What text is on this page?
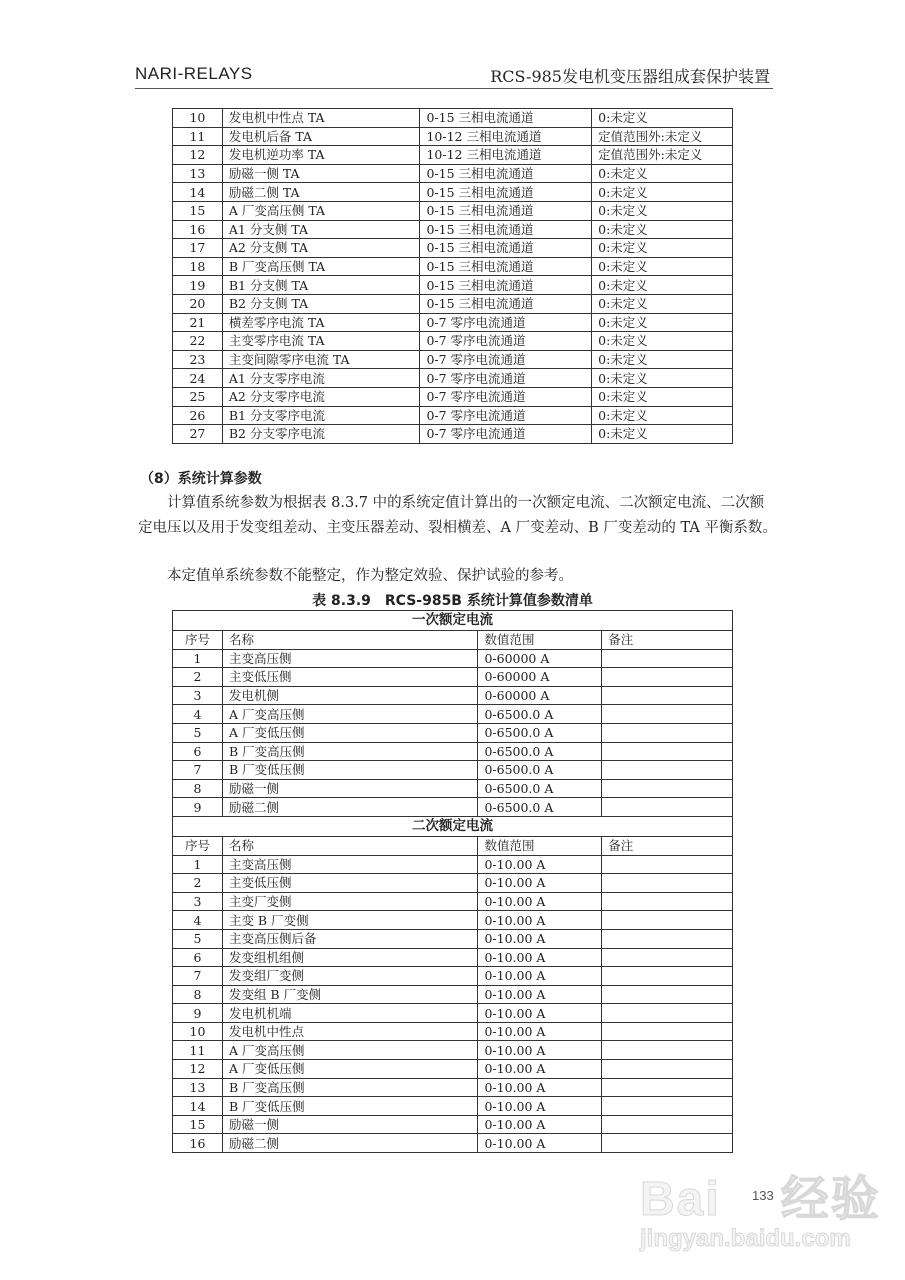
NARI-RELAYS	RCS-985发电机变压器组成套保护装置
10	发电机中性点 TA	0-15 三相电流通道	0:未定义
11	发电机后备 TA	10-12 三相电流通道	定值范围外:未定义
12	发电机逆功率 TA	10-12 三相电流通道	定值范围外:未定义
13	励磁一侧 TA	0-15 三相电流通道	0:未定义
14	励磁二侧 TA	0-15 三相电流通道	0:未定义
15	A 厂变高压侧 TA	0-15 三相电流通道	0:未定义
16	A1 分支侧 TA	0-15 三相电流通道	0:未定义
17	A2 分支侧 TA	0-15 三相电流通道	0:未定义
18	B 厂变高压侧 TA	0-15 三相电流通道	0:未定义
19	B1 分支侧 TA	0-15 三相电流通道	0:未定义
20	B2 分支侧 TA	0-15 三相电流通道	0:未定义
21	横差零序电流 TA	0-7 零序电流通道	0:未定义
22	主变零序电流 TA	0-7 零序电流通道	0:未定义
23	主变间隙零序电流 TA	0-7 零序电流通道	0:未定义
24	A1 分支零序电流	0-7 零序电流通道	0:未定义
25	A2 分支零序电流	0-7 零序电流通道	0:未定义
26	B1 分支零序电流	0-7 零序电流通道	0:未定义
27	B2 分支零序电流	0-7 零序电流通道	0:未定义
（8）系统计算参数
计算值系统参数为根据表 8.3.7 中的系统定值计算出的一次额定电流、二次额定电流、二次额定电压以及用于发变组差动、主变压器差动、裂相横差、A 厂变差动、B 厂变差动的 TA 平衡系数。
本定值单系统参数不能整定，作为整定效验、保护试验的参考。
表 8.3.9　RCS-985B 系统计算值参数清单
一次额定电流			
序号	名称	数值范围	备注
1	主变高压侧	0-60000 A	
2	主变低压侧	0-60000 A	
3	发电机侧	0-60000 A	
4	A 厂变高压侧	0-6500.0 A	
5	A 厂变低压侧	0-6500.0 A	
6	B 厂变高压侧	0-6500.0 A	
7	B 厂变低压侧	0-6500.0 A	
8	励磁一侧	0-6500.0 A	
9	励磁二侧	0-6500.0 A	
二次额定电流			
序号	名称	数值范围	备注
1	主变高压侧	0-10.00 A	
2	主变低压侧	0-10.00 A	
3	主变厂变侧	0-10.00 A	
4	主变 B 厂变侧	0-10.00 A	
5	主变高压侧后备	0-10.00 A	
6	发变组机组侧	0-10.00 A	
7	发变组厂变侧	0-10.00 A	
8	发变组 B 厂变侧	0-10.00 A	
9	发电机机端	0-10.00 A	
10	发电机中性点	0-10.00 A	
11	A 厂变高压侧	0-10.00 A	
12	A 厂变低压侧	0-10.00 A	
13	B 厂变高压侧	0-10.00 A	
14	B 厂变低压侧	0-10.00 A	
15	励磁一侧	0-10.00 A	
16	励磁二侧	0-10.00 A	
133
Bai 经验
jingyan.baidu.com
